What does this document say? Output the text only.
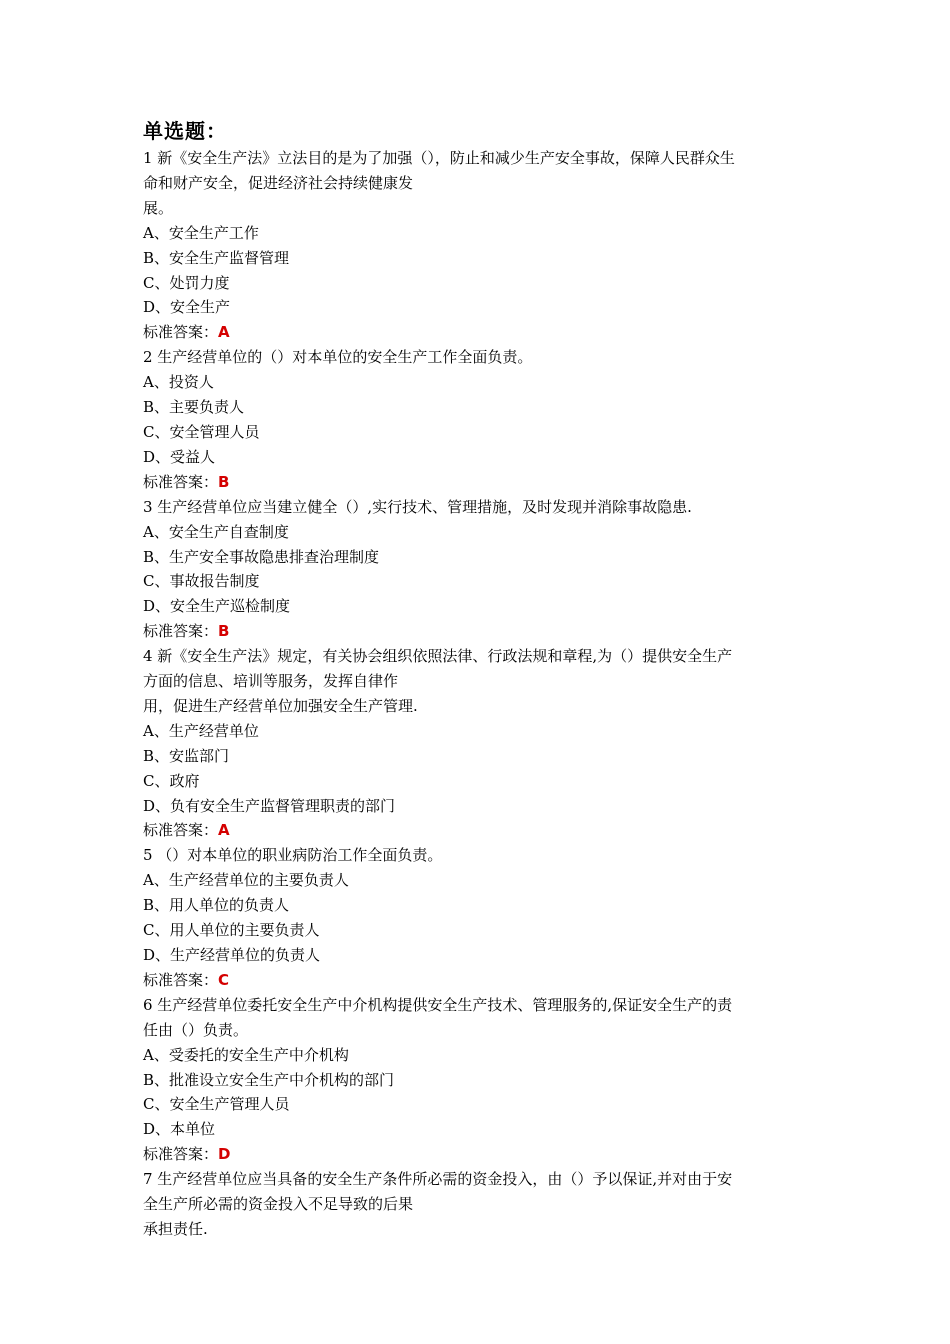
单选题：
1 新《安全生产法》立法目的是为了加强（），防止和减少生产安全事故，保障人民群众生
命和财产安全，促进经济社会持续健康发
展。
A、安全生产工作
B、安全生产监督管理
C、处罚力度
D、安全生产
标准答案：A
2 生产经营单位的（）对本单位的安全生产工作全面负责。
A、投资人
B、主要负责人
C、安全管理人员
D、受益人
标准答案：B
3 生产经营单位应当建立健全（）,实行技术、管理措施，及时发现并消除事故隐患.
A、安全生产自查制度
B、生产安全事故隐患排查治理制度
C、事故报告制度
D、安全生产巡检制度
标准答案：B
4 新《安全生产法》规定，有关协会组织依照法律、行政法规和章程,为（）提供安全生产
方面的信息、培训等服务，发挥自律作
用，促进生产经营单位加强安全生产管理.
A、生产经营单位
B、安监部门
C、政府
D、负有安全生产监督管理职责的部门
标准答案：A
5 （）对本单位的职业病防治工作全面负责。
A、生产经营单位的主要负责人
B、用人单位的负责人
C、用人单位的主要负责人
D、生产经营单位的负责人
标准答案：C
6 生产经营单位委托安全生产中介机构提供安全生产技术、管理服务的,保证安全生产的责
任由（）负责。
A、受委托的安全生产中介机构
B、批准设立安全生产中介机构的部门
C、安全生产管理人员
D、本单位
标准答案：D
7 生产经营单位应当具备的安全生产条件所必需的资金投入，由（）予以保证,并对由于安
全生产所必需的资金投入不足导致的后果
承担责任.
